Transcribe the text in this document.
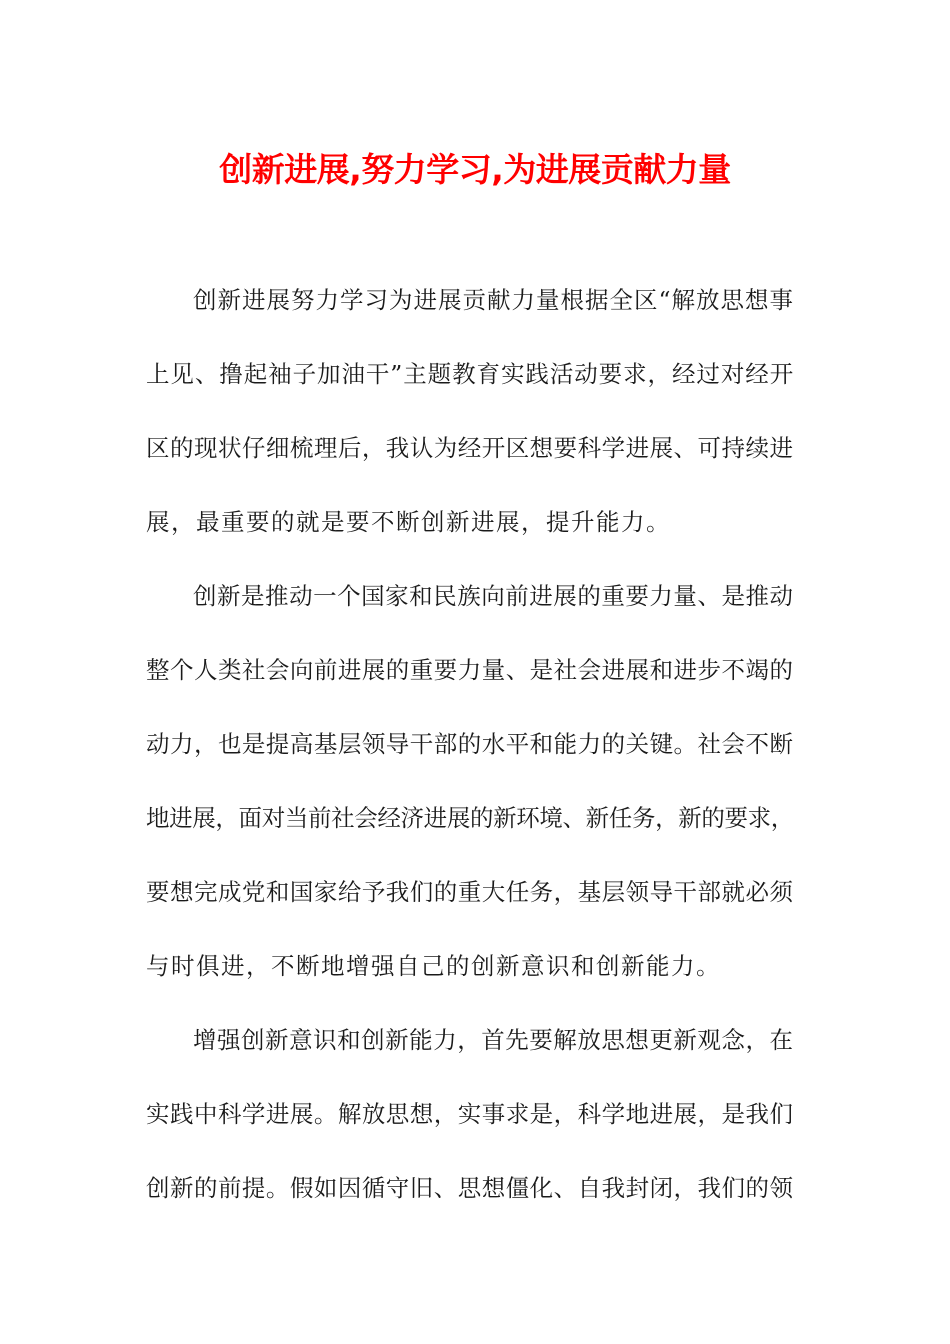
创新进展,努力学习,为进展贡献力量
创新进展努力学习为进展贡献力量根据全区“解放思想事
上见、撸起袖子加油干”主题教育实践活动要求，经过对经开
区的现状仔细梳理后，我认为经开区想要科学进展、可持续进
展，最重要的就是要不断创新进展，提升能力。
创新是推动一个国家和民族向前进展的重要力量、是推动
整个人类社会向前进展的重要力量、是社会进展和进步不竭的
动力，也是提高基层领导干部的水平和能力的关键。社会不断
地进展，面对当前社会经济进展的新环境、新任务，新的要求，
要想完成党和国家给予我们的重大任务，基层领导干部就必须
与时俱进，不断地增强自己的创新意识和创新能力。
增强创新意识和创新能力，首先要解放思想更新观念，在
实践中科学进展。解放思想，实事求是，科学地进展，是我们
创新的前提。假如因循守旧、思想僵化、自我封闭，我们的领
